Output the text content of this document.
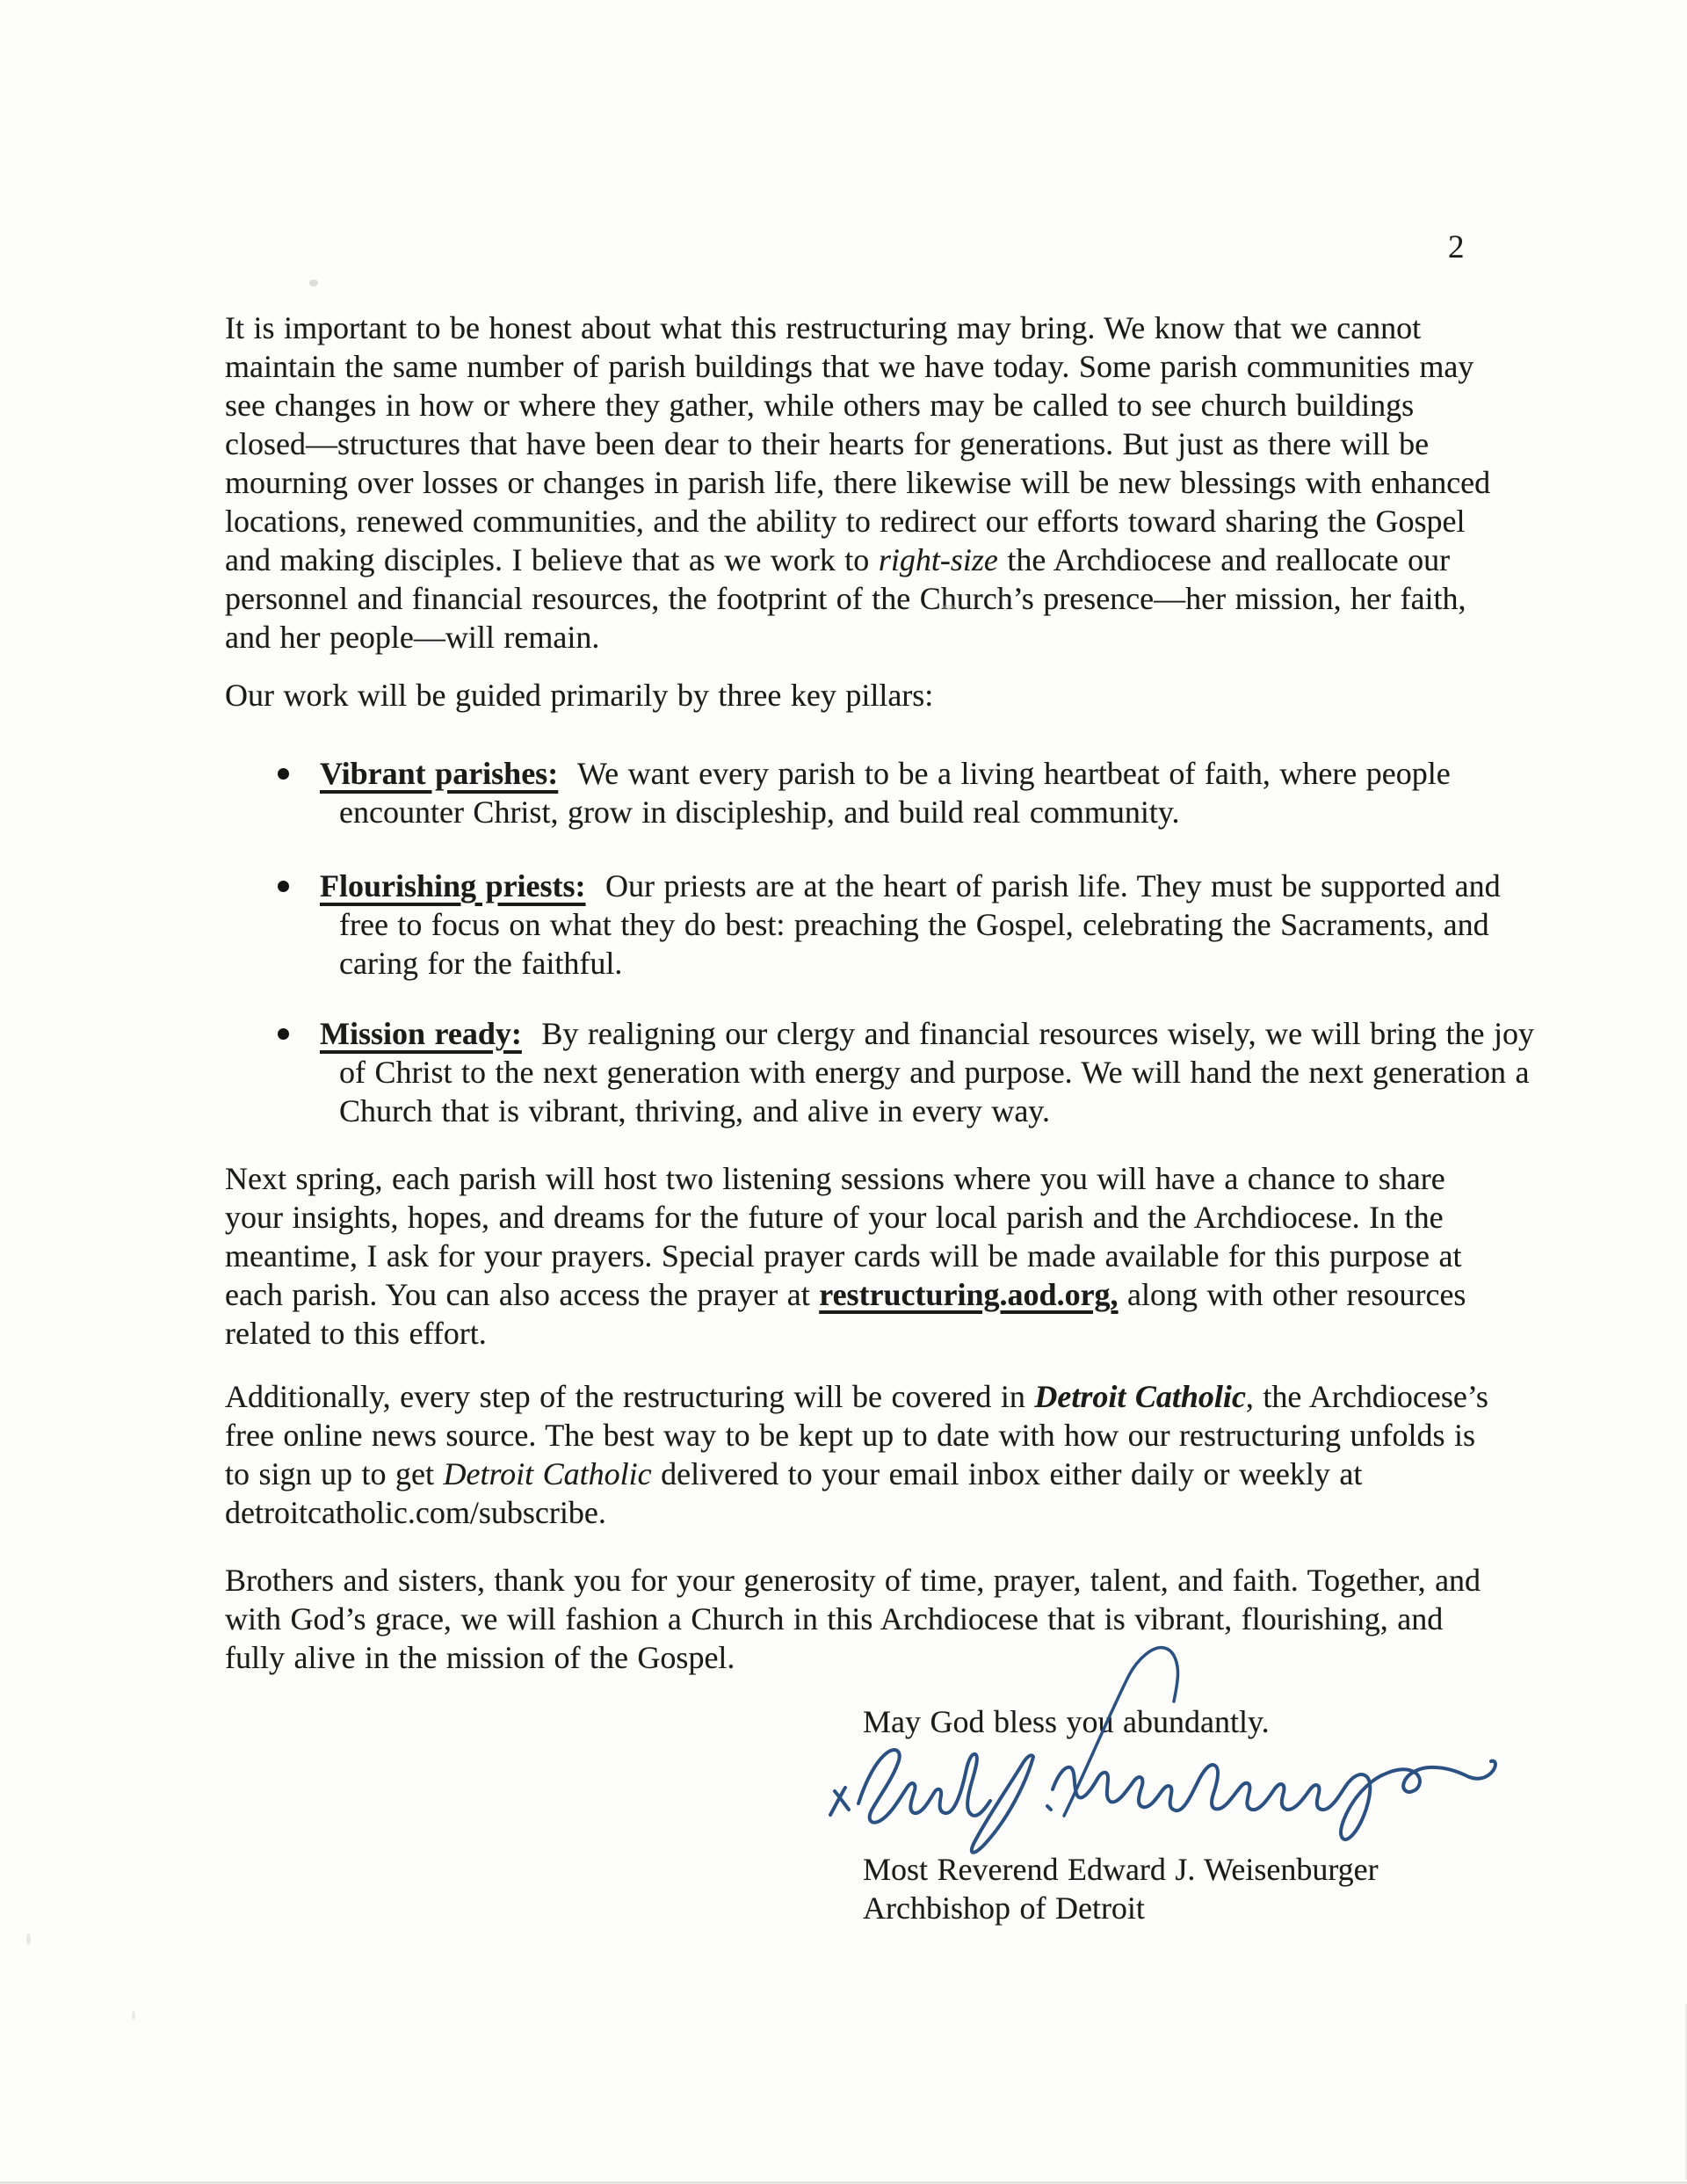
2
It is important to be honest about what this restructuring may bring. We know that we cannot maintain the same number of parish buildings that we have today. Some parish communities may see changes in how or where they gather, while others may be called to see church buildings closed—structures that have been dear to their hearts for generations. But just as there will be mourning over losses or changes in parish life, there likewise will be new blessings with enhanced locations, renewed communities, and the ability to redirect our efforts toward sharing the Gospel and making disciples. I believe that as we work to right-size the Archdiocese and reallocate our personnel and financial resources, the footprint of the Church’s presence—her mission, her faith, and her people—will remain.
Our work will be guided primarily by three key pillars:
Vibrant parishes: We want every parish to be a living heartbeat of faith, where people encounter Christ, grow in discipleship, and build real community.
Flourishing priests: Our priests are at the heart of parish life. They must be supported and free to focus on what they do best: preaching the Gospel, celebrating the Sacraments, and caring for the faithful.
Mission ready: By realigning our clergy and financial resources wisely, we will bring the joy of Christ to the next generation with energy and purpose. We will hand the next generation a Church that is vibrant, thriving, and alive in every way.
Next spring, each parish will host two listening sessions where you will have a chance to share your insights, hopes, and dreams for the future of your local parish and the Archdiocese. In the meantime, I ask for your prayers. Special prayer cards will be made available for this purpose at each parish. You can also access the prayer at restructuring.aod.org, along with other resources related to this effort.
Additionally, every step of the restructuring will be covered in Detroit Catholic, the Archdiocese’s free online news source. The best way to be kept up to date with how our restructuring unfolds is to sign up to get Detroit Catholic delivered to your email inbox either daily or weekly at detroitcatholic.com/subscribe.
Brothers and sisters, thank you for your generosity of time, prayer, talent, and faith. Together, and with God’s grace, we will fashion a Church in this Archdiocese that is vibrant, flourishing, and fully alive in the mission of the Gospel.
May God bless you abundantly.
Most Reverend Edward J. Weisenburger
Archbishop of Detroit
